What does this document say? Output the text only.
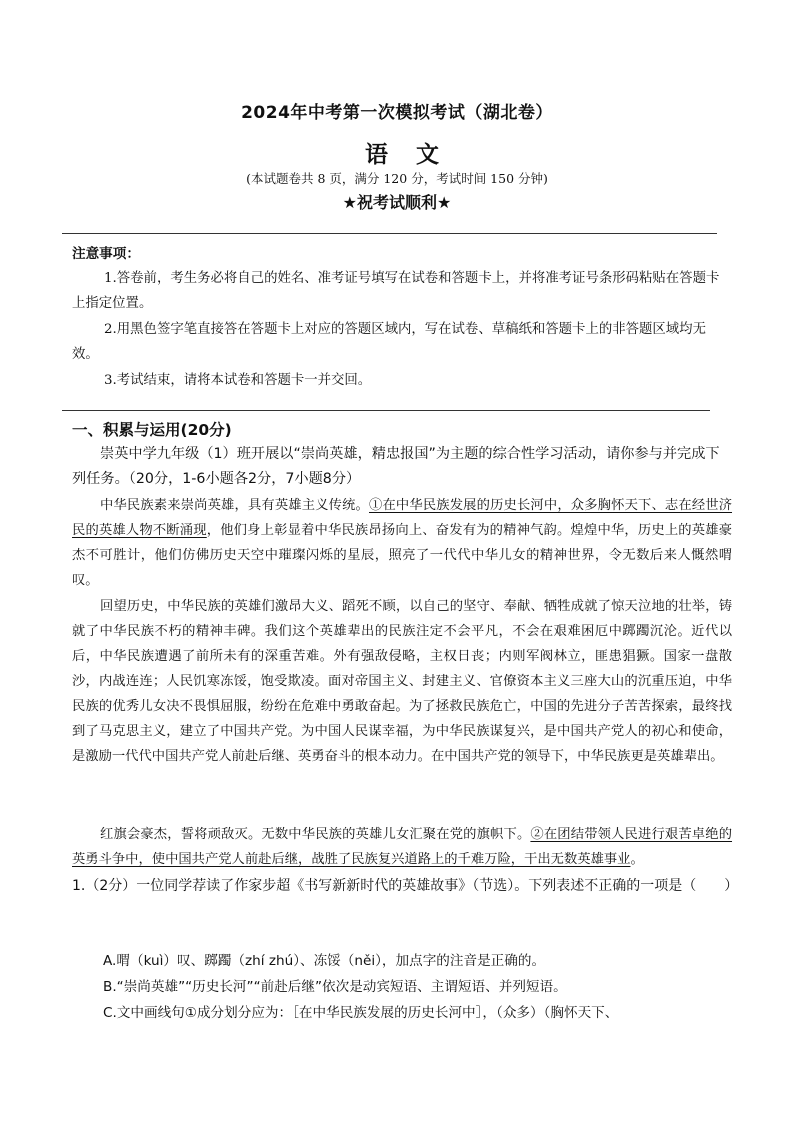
2024年中考第一次模拟考试（湖北卷）
语 文
(本试题卷共 8 页，满分 120 分，考试时间 150 分钟)
★祝考试顺利★
注意事项：

1.答卷前，考生务必将自己的姓名、准考证号填写在试卷和答题卡上，并将准考证号条形码粘贴在答题卡上指定位置。

2.用黑色签字笔直接答在答题卡上对应的答题区域内，写在试卷、草稿纸和答题卡上的非答题区域均无效。

3.考试结束，请将本试卷和答题卡一并交回。

一、积累与运用(20分)

崇英中学九年级（1）班开展以“崇尚英雄，精忠报国”为主题的综合性学习活动，请你参与并完成下列任务。（20分，1-6小题各2分，7小题8分）

中华民族素来崇尚英雄，具有英雄主义传统。①在中华民族发展的历史长河中，众多胸怀天下、志在经世济民的英雄人物不断涌现，他们身上彰显着中华民族昂扬向上、奋发有为的精神气韵。煌煌中华，历史上的英雄豪杰不可胜计，他们仿佛历史天空中璀璨闪烁的星辰，照亮了一代代中华儿女的精神世界，令无数后来人慨然喟叹。

回望历史，中华民族的英雄们激昂大义、蹈死不顾，以自己的坚守、奉献、牺牲成就了惊天泣地的壮举，铸就了中华民族不朽的精神丰碑。我们这个英雄辈出的民族注定不会平凡，不会在艰难困厄中踯躅沉沦。近代以后，中华民族遭遇了前所未有的深重苦难。外有强敌侵略，主权日丧；内则军阀林立，匪患猖獗。国家一盘散沙，内战连连；人民饥寒冻馁，饱受欺凌。面对帝国主义、封建主义、官僚资本主义三座大山的沉重压迫，中华民族的优秀儿女决不畏惧屈服，纷纷在危难中勇敢奋起。为了拯救民族危亡，中国的先进分子苦苦探索，最终找到了马克思主义，建立了中国共产党。为中国人民谋幸福，为中华民族谋复兴，是中国共产党人的初心和使命，是激励一代代中国共产党人前赴后继、英勇奋斗的根本动力。在中国共产党的领导下，中华民族更是英雄辈出。

红旗会豪杰，誓将顽敌灭。无数中华民族的英雄儿女汇聚在党的旗帜下。②在团结带领人民进行艰苦卓绝的英勇斗争中，使中国共产党人前赴后继，战胜了民族复兴道路上的千难万险，干出无数英雄事业。

1.（2分）一位同学荐读了作家步超《书写新新时代的英雄故事》（节选）。下列表述不正确的一项是（　　）

A.喟（kuì）叹、踯躅（zhí zhú）、冻馁（něi），加点字的注音是正确的。
B.“崇尚英雄”“历史长河”“前赴后继”依次是动宾短语、主谓短语、并列短语。
C.文中画线句①成分划分应为：［在中华民族发展的历史长河中］，（众多）（胸怀天下、
